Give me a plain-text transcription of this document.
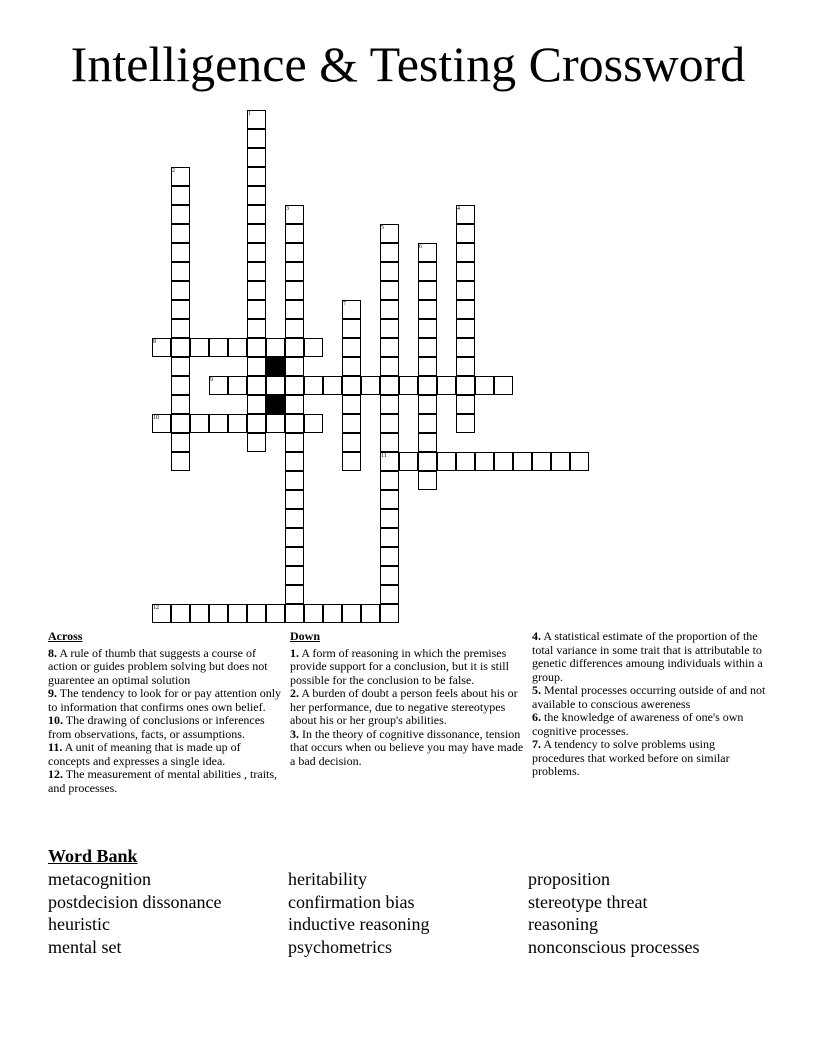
Intelligence & Testing Crossword
1
2
3	4
5
6
7
8
9
10
11
12
Across
8. A rule of thumb that suggests a course of action or guides problem solving but does not guarentee an optimal solution
9. The tendency to look for or pay attention only to information that confirms ones own belief.
10. The drawing of conclusions or inferences from observations, facts, or assumptions.
11. A unit of meaning that is made up of concepts and expresses a single idea.
12. The measurement of mental abilities , traits, and processes.
Down
1. A form of reasoning in which the premises provide support for a conclusion, but it is still possible for the conclusion to be false.
2. A burden of doubt a person feels about his or her performance, due to negative stereotypes about his or her group's abilities.
3. In the theory of cognitive dissonance, tension that occurs when ou believe you may have made a bad decision.
4. A statistical estimate of the proportion of the total variance in some trait that is attributable to genetic differences amoung individuals within a group.
5. Mental processes occurring outside of and not available to conscious awereness
6. the knowledge of awareness of one's own cognitive processes.
7. A tendency to solve problems using procedures that worked before on similar problems.
Word Bank
metacognition	heritability	proposition
postdecision dissonance	confirmation bias	stereotype threat
heuristic	inductive reasoning	reasoning
mental set	psychometrics	nonconscious processes
